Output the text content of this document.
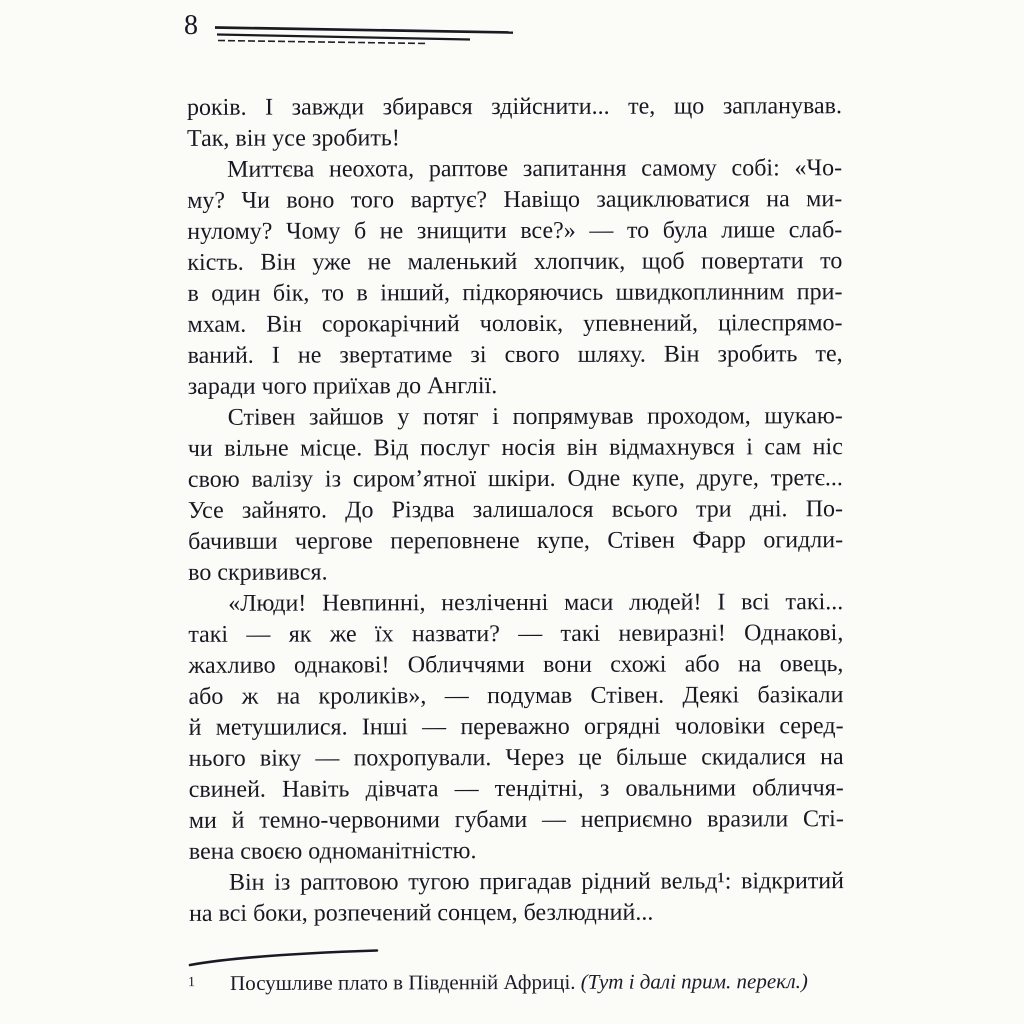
8
років. І завжди збирався здійснити... те, що запланував.
Так, він усе зробить!
Миттєва неохота, раптове запитання самому собі: «Чо-
му? Чи воно того вартує? Навіщо зациклюватися на ми-
нулому? Чому б не знищити все?» — то була лише слаб-
кість. Він уже не маленький хлопчик, щоб повертати то
в один бік, то в інший, підкоряючись швидкоплинним при-
мхам. Він сорокарічний чоловік, упевнений, цілеспрямо-
ваний. І не звертатиме зі свого шляху. Він зробить те,
заради чого приїхав до Англії.
Стівен зайшов у потяг і попрямував проходом, шукаю-
чи вільне місце. Від послуг носія він відмахнувся і сам ніс
свою валізу із сиром’ятної шкіри. Одне купе, друге, третє...
Усе зайнято. До Різдва залишалося всього три дні. По-
бачивши чергове переповнене купе, Стівен Фарр огидли-
во скривився.
«Люди! Невпинні, незліченні маси людей! І всі такі...
такі — як же їх назвати? — такі невиразні! Однакові,
жахливо однакові! Обличчями вони схожі або на овець,
або ж на кроликів», — подумав Стівен. Деякі базікали
й метушилися. Інші — переважно огрядні чоловіки серед-
нього віку — похропували. Через це більше скидалися на
свиней. Навіть дівчата — тендітні, з овальними обличчя-
ми й темно-червоними губами — неприємно вразили Сті-
вена своєю одноманітністю.
Він із раптовою тугою пригадав рідний вельд¹: відкритий
на всі боки, розпечений сонцем, безлюдний...
1 Посушливе плато в Південній Африці. (Тут і далі прим. перекл.)
